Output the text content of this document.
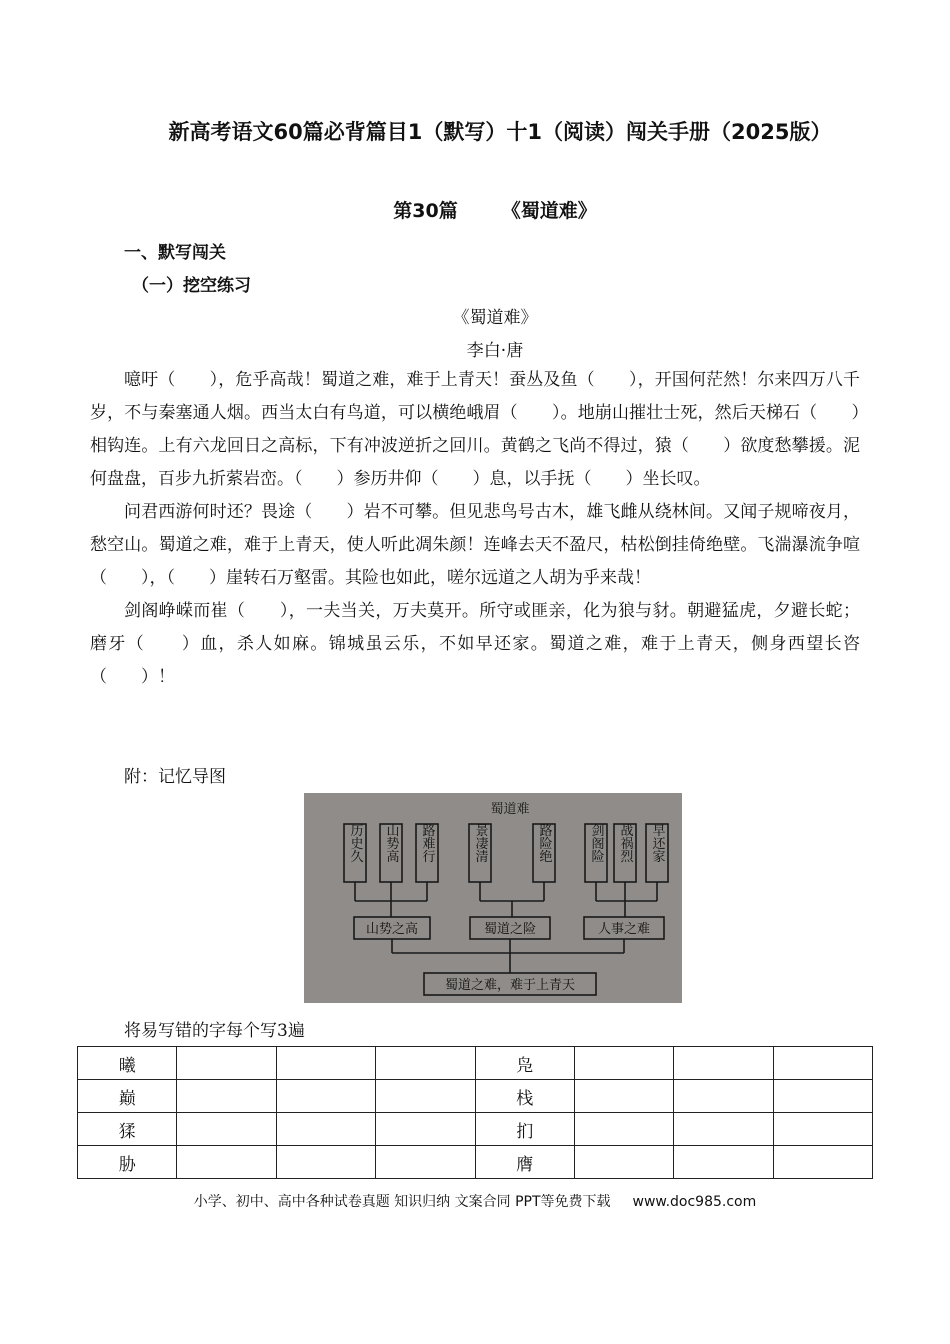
新高考语文60篇必背篇目1（默写）十1（阅读）闯关手册（2025版）
第30篇 《蜀道难》
一、默写闯关
（一）挖空练习
《蜀道难》
李白·唐

噫吁（　　），危乎高哉！蜀道之难，难于上青天！蚕丛及鱼（　　），开国何茫然！尔来四万八千岁，不与秦塞通人烟。西当太白有鸟道，可以横绝峨眉（　　）。地崩山摧壮士死，然后天梯石（　　）相钩连。上有六龙回日之高标，下有冲波逆折之回川。黄鹤之飞尚不得过，猿（　　）欲度愁攀援。泥何盘盘，百步九折萦岩峦。（　　）参历井仰（　　）息，以手抚（　　）坐长叹。

问君西游何时还？畏途（　　）岩不可攀。但见悲鸟号古木，雄飞雌从绕林间。又闻子规啼夜月，愁空山。蜀道之难，难于上青天，使人听此凋朱颜！连峰去天不盈尺，枯松倒挂倚绝壁。飞湍瀑流争喧（　　），（　　）崖转石万壑雷。其险也如此，嗟尔远道之人胡为乎来哉！

剑阁峥嵘而崔（　　），一夫当关，万夫莫开。所守或匪亲，化为狼与豺。朝避猛虎，夕避长蛇；磨牙（　　）血，杀人如麻。锦城虽云乐，不如早还家。蜀道之难，难于上青天，侧身西望长咨（　　）！

附：记忆导图
蜀道难
历史久 山势高 路难行	景凄清	路险绝	剑阁险 战祸烈 早还家
山势之高	蜀道之险	人事之难
蜀道之难，难于上青天
将易写错的字每个写3遍
曦				凫			
巅				栈			
猱				扪			
胁				膺			
小学、初中、高中各种试卷真题 知识归纳 文案合同 PPT等免费下载 www.doc985.com
